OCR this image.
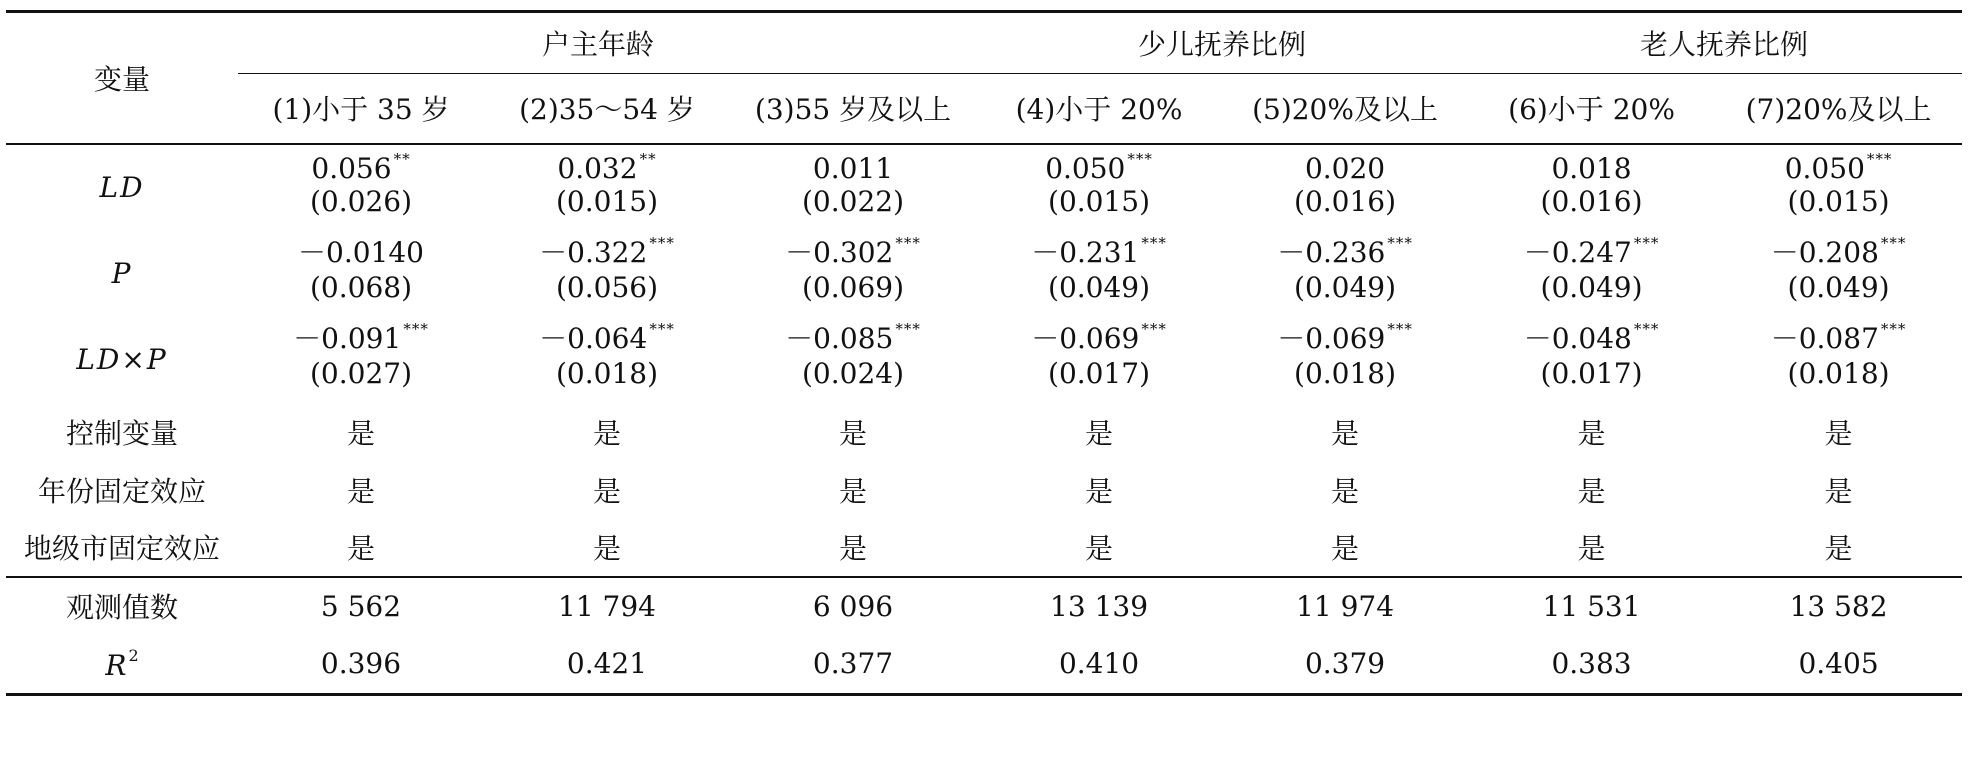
变量	户主年龄			少儿抚养比例		老人抚养比例	
	(1)小于 35 岁	(2)35～54 岁	(3)55 岁及以上	(4)小于 20%	(5)20%及以上	(6)小于 20%	(7)20%及以上
LD	0.056 **	0.032 **	0.011	0.050 ***	0.020	0.018	0.050 ***
	(0.026)	(0.015)	(0.022)	(0.015)	(0.016)	(0.016)	(0.015)
P	－0.0140	－0.322 ***	－0.302 ***	－0.231 ***	－0.236 ***	－0.247 ***	－0.208 ***
	(0.068)	(0.056)	(0.069)	(0.049)	(0.049)	(0.049)	(0.049)
LD×P	－0.091 ***	－0.064 ***	－0.085 ***	－0.069 ***	－0.069 ***	－0.048 ***	－0.087 ***
	(0.027)	(0.018)	(0.024)	(0.017)	(0.018)	(0.017)	(0.018)
控制变量	是	是	是	是	是	是	是
年份固定效应	是	是	是	是	是	是	是
地级市固定效应	是	是	是	是	是	是	是
观测值数	5 562	11 794	6 096	13 139	11 974	11 531	13 582
$R^2$	0.396	0.421	0.377	0.410	0.379	0.383	0.405
